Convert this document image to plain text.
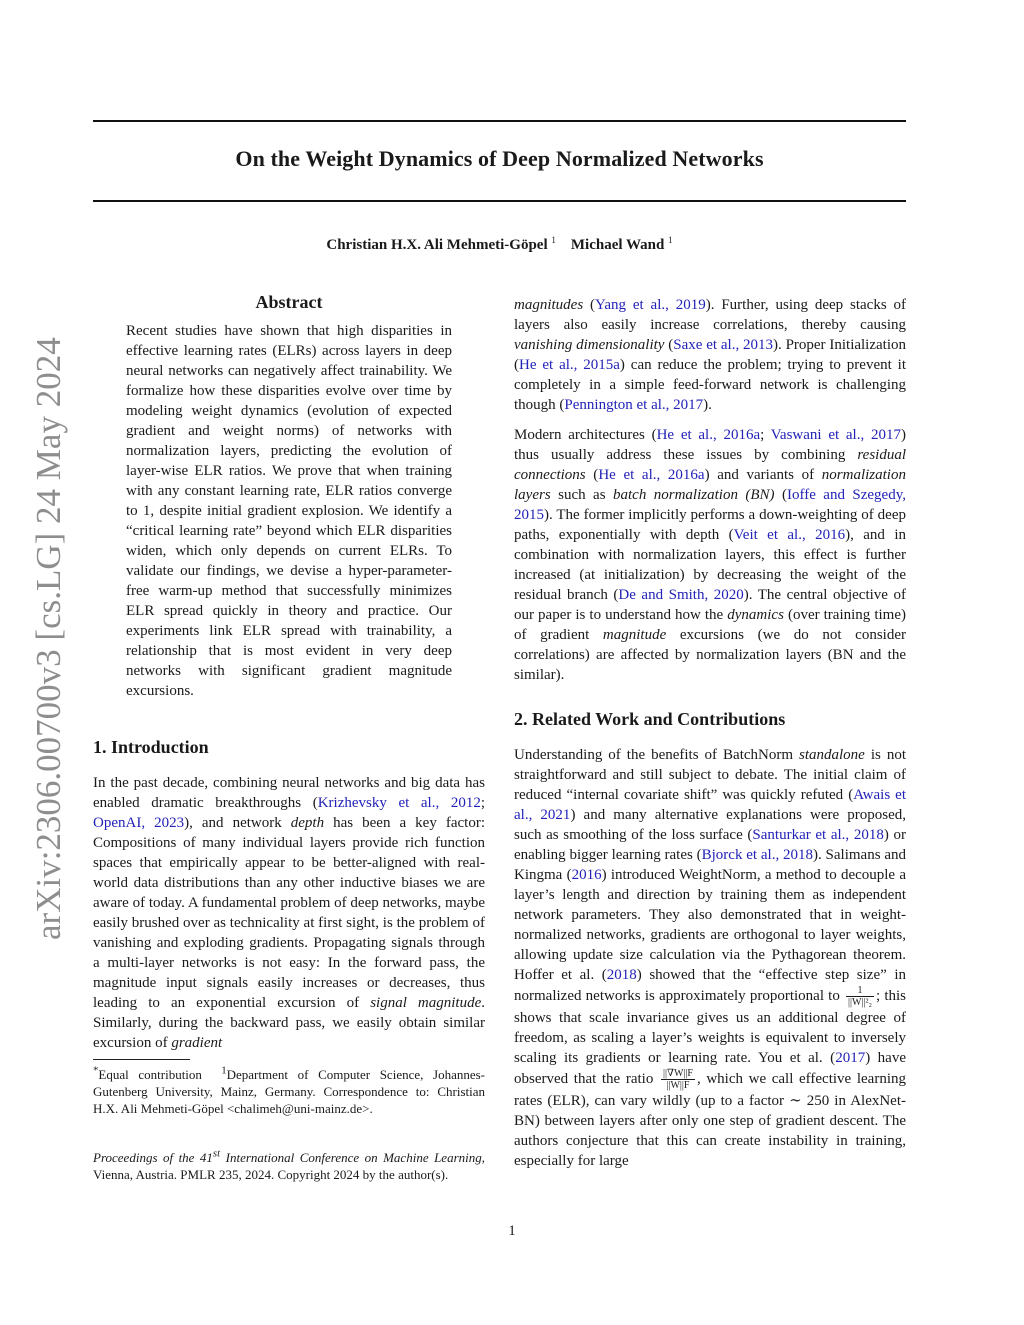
On the Weight Dynamics of Deep Normalized Networks
Christian H.X. Ali Mehmeti-Göpel $^1$ Michael Wand $^1$
arXiv:2306.00700v3 [cs.LG] 24 May 2024
Abstract
Recent studies have shown that high disparities in effective learning rates (ELRs) across layers in deep neural networks can negatively affect trainability. We formalize how these disparities evolve over time by modeling weight dynamics (evolution of expected gradient and weight norms) of networks with normalization layers, predicting the evolution of layer-wise ELR ratios. We prove that when training with any constant learning rate, ELR ratios converge to 1, despite initial gradient explosion. We identify a “critical learning rate” beyond which ELR disparities widen, which only depends on current ELRs. To validate our findings, we devise a hyper-parameter-free warm-up method that successfully minimizes ELR spread quickly in theory and practice. Our experiments link ELR spread with trainability, a relationship that is most evident in very deep networks with significant gradient magnitude excursions.
1. Introduction
In the past decade, combining neural networks and big data has enabled dramatic breakthroughs (Krizhevsky et al., 2012; OpenAI, 2023), and network depth has been a key factor: Compositions of many individual layers provide rich function spaces that empirically appear to be better-aligned with real-world data distributions than any other inductive biases we are aware of today. A fundamental problem of deep networks, maybe easily brushed over as technicality at first sight, is the problem of vanishing and exploding gradients. Propagating signals through a multi-layer networks is not easy: In the forward pass, the magnitude input signals easily increases or decreases, thus leading to an exponential excursion of signal magnitude. Similarly, during the backward pass, we easily obtain similar excursion of gradient
*Equal contribution $^1$Department of Computer Science, Johannes-Gutenberg University, Mainz, Germany. Correspondence to: Christian H.X. Ali Mehmeti-Göpel <chalimeh@uni-mainz.de>.
Proceedings of the 41st International Conference on Machine Learning, Vienna, Austria. PMLR 235, 2024. Copyright 2024 by the author(s).
magnitudes (Yang et al., 2019). Further, using deep stacks of layers also easily increase correlations, thereby causing vanishing dimensionality (Saxe et al., 2013). Proper Initialization (He et al., 2015a) can reduce the problem; trying to prevent it completely in a simple feed-forward network is challenging though (Pennington et al., 2017).
Modern architectures (He et al., 2016a; Vaswani et al., 2017) thus usually address these issues by combining residual connections (He et al., 2016a) and variants of normalization layers such as batch normalization (BN) (Ioffe and Szegedy, 2015). The former implicitly performs a down-weighting of deep paths, exponentially with depth (Veit et al., 2016), and in combination with normalization layers, this effect is further increased (at initialization) by decreasing the weight of the residual branch (De and Smith, 2020). The central objective of our paper is to understand how the dynamics (over training time) of gradient magnitude excursions (we do not consider correlations) are affected by normalization layers (BN and the similar).
2. Related Work and Contributions
Understanding of the benefits of BatchNorm standalone is not straightforward and still subject to debate. The initial claim of reduced “internal covariate shift” was quickly refuted (Awais et al., 2021) and many alternative explanations were proposed, such as smoothing of the loss surface (Santurkar et al., 2018) or enabling bigger learning rates (Bjorck et al., 2018). Salimans and Kingma (2016) introduced WeightNorm, a method to decouple a layer’s length and direction by training them as independent network parameters. They also demonstrated that in weight-normalized networks, gradients are orthogonal to layer weights, allowing update size calculation via the Pythagorean theorem. Hoffer et al. (2018) showed that the “effective step size” in normalized networks is approximately proportional to $\frac{1}{\text{||W||²₂}}$ ; this shows that scale invariance gives us an additional degree of freedom, as scaling a layer’s weights is equivalent to inversely scaling its gradients or learning rate. You et al. (2017) have observed that the ratio $\frac{||\nabla W||F}{||W||F}$ , which we call effective learning rates (ELR), can vary wildly (up to a factor ∼ 250 in AlexNet-BN) between layers after only one step of gradient descent. The authors conjecture that this can create instability in training, especially for large
1
